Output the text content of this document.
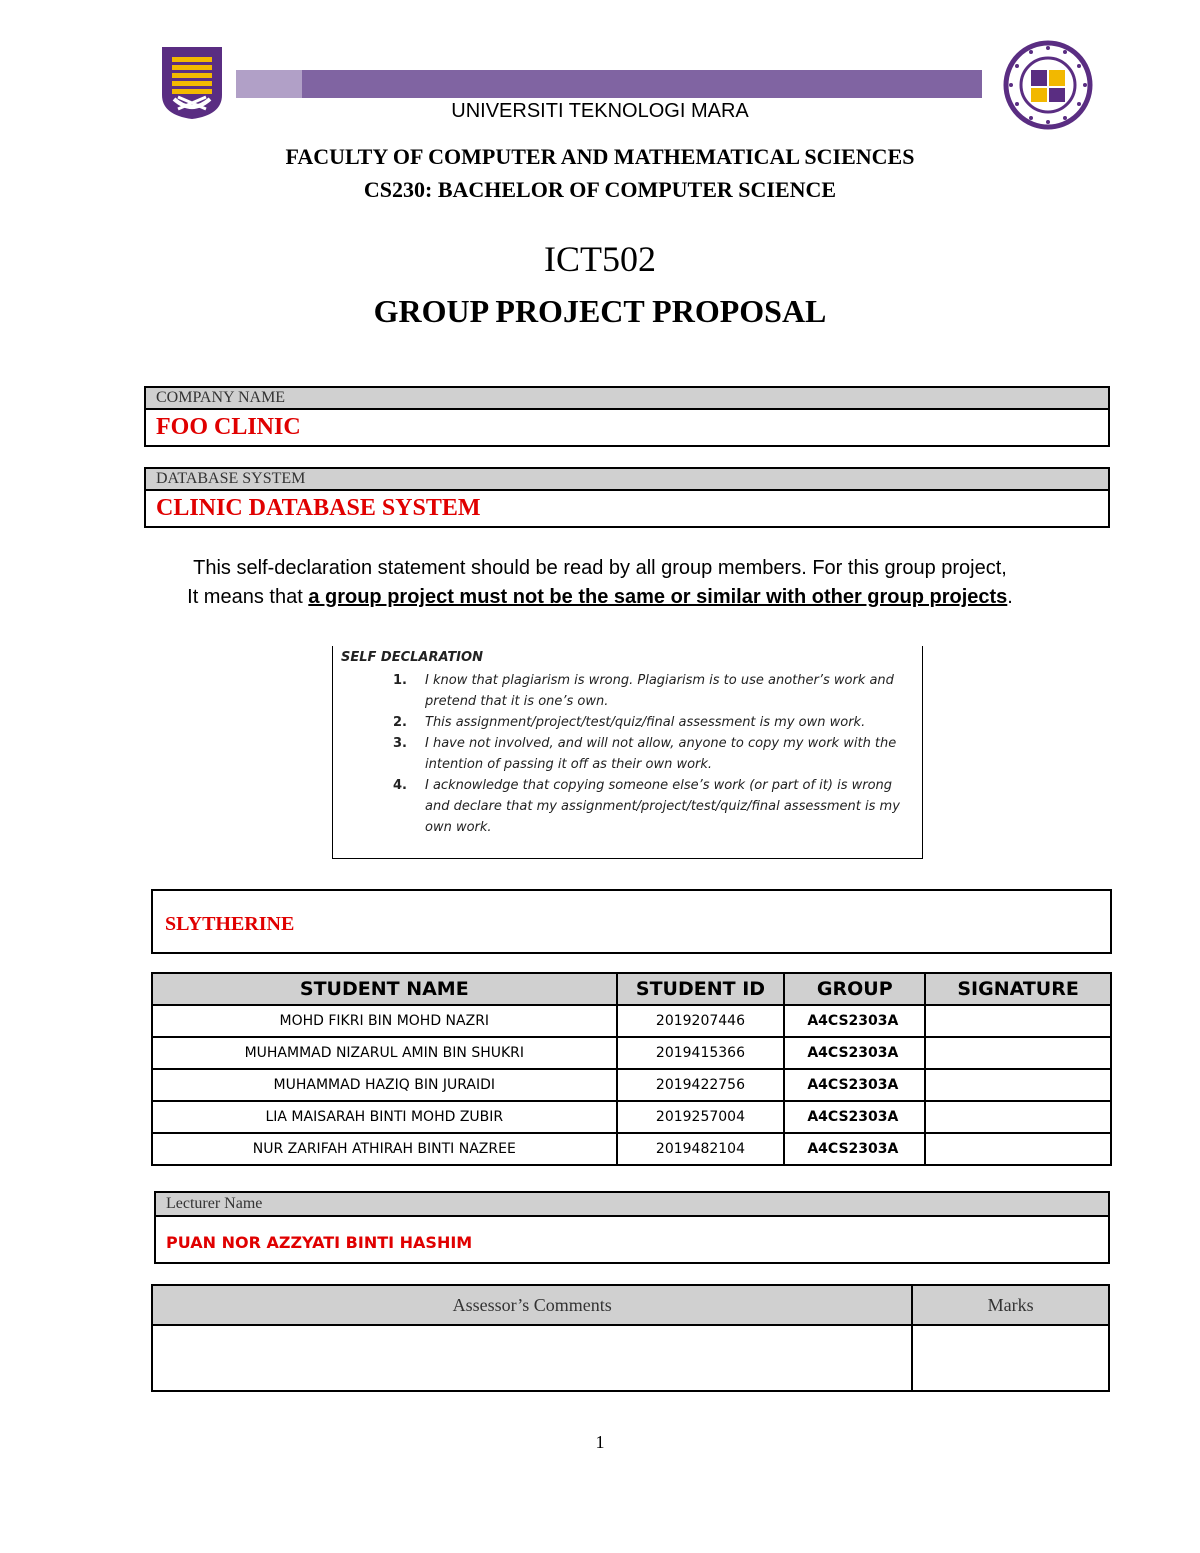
UNIVERSITI TEKNOLOGI MARA
FACULTY OF COMPUTER AND MATHEMATICAL SCIENCES
CS230: BACHELOR OF COMPUTER SCIENCE
ICT502
GROUP PROJECT PROPOSAL
COMPANY NAME
FOO CLINIC
DATABASE SYSTEM
CLINIC DATABASE SYSTEM
This self-declaration statement should be read by all group members. For this group project,
It means that a group project must not be the same or similar with other group projects.
SELF DECLARATION
1. I know that plagiarism is wrong. Plagiarism is to use another’s work and pretend that it is one’s own.
2. This assignment/project/test/quiz/final assessment is my own work.
3. I have not involved, and will not allow, anyone to copy my work with the intention of passing it off as their own work.
4. I acknowledge that copying someone else’s work (or part of it) is wrong and declare that my assignment/project/test/quiz/final assessment is my own work.
SLYTHERINE
STUDENT NAME	STUDENT ID	GROUP	SIGNATURE
MOHD FIKRI BIN MOHD NAZRI	2019207446	A4CS2303A	
MUHAMMAD NIZARUL AMIN BIN SHUKRI	2019415366	A4CS2303A	
MUHAMMAD HAZIQ BIN JURAIDI	2019422756	A4CS2303A	
LIA MAISARAH BINTI MOHD ZUBIR	2019257004	A4CS2303A	
NUR ZARIFAH ATHIRAH BINTI NAZREE	2019482104	A4CS2303A	
Lecturer Name
PUAN NOR AZZYATI BINTI HASHIM
Assessor’s Comments	Marks

1
